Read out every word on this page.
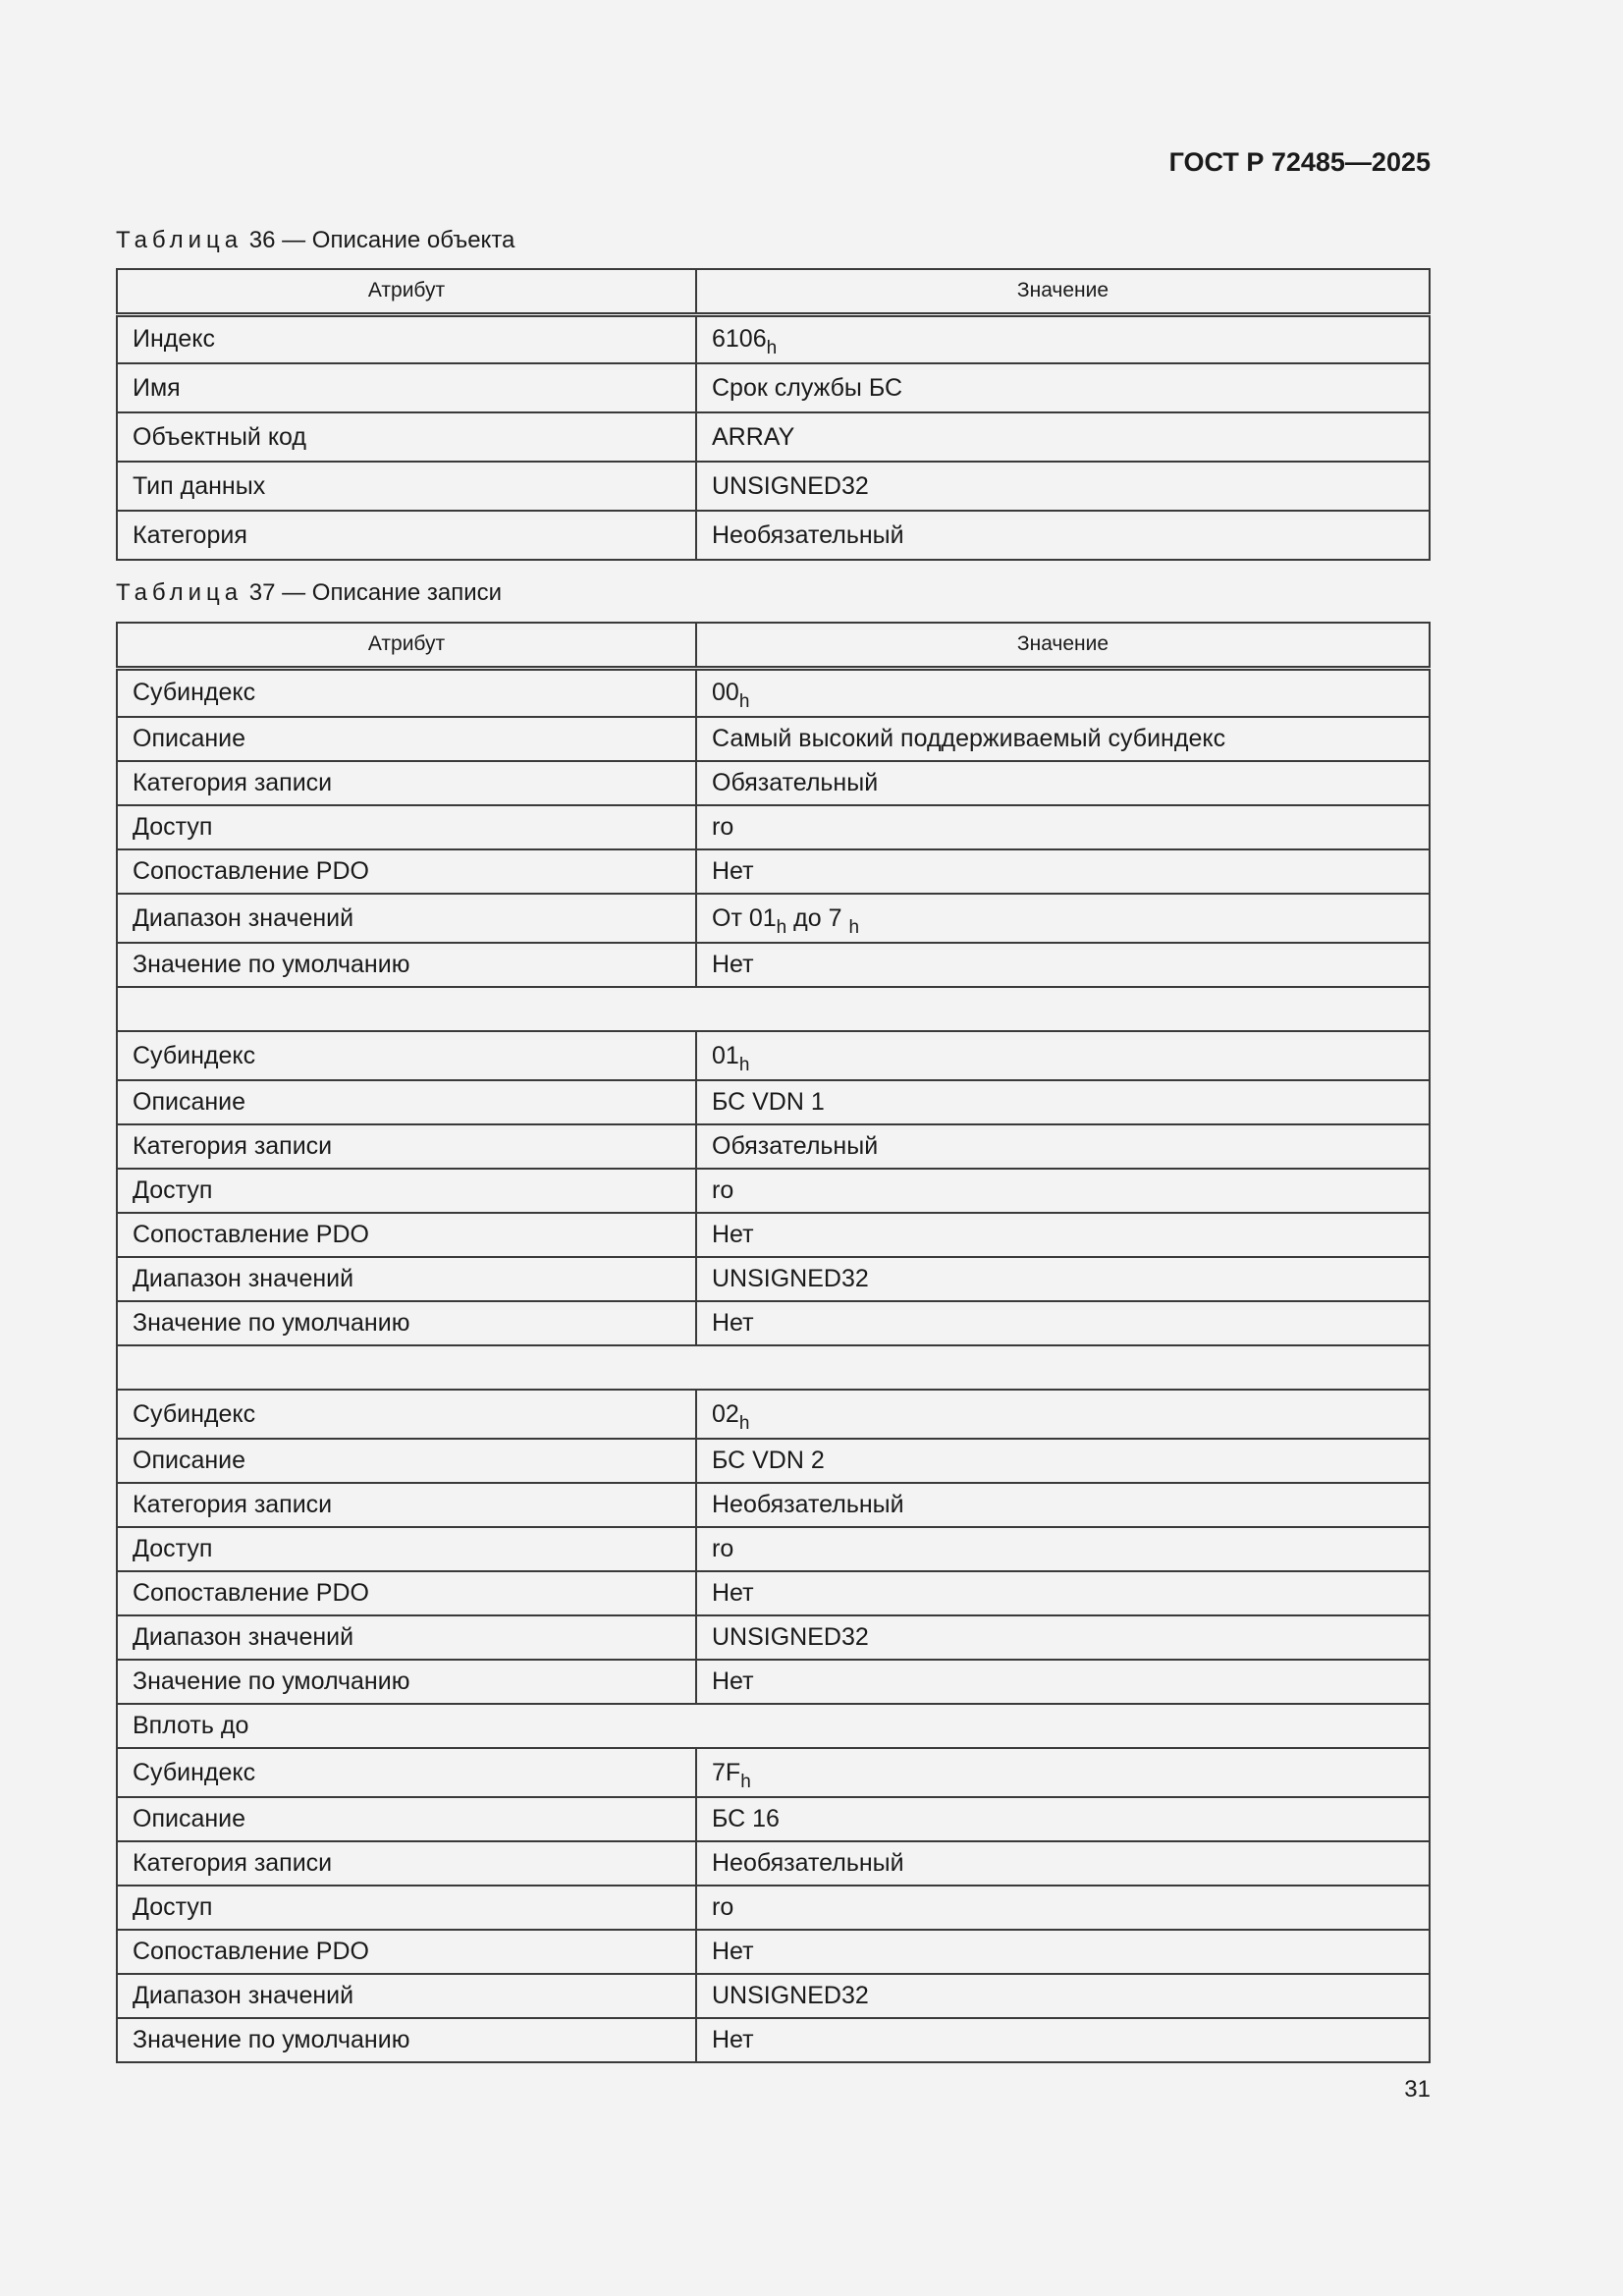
ГОСТ Р 72485—2025
Таблица 36 — Описание объекта
Атрибут	Значение
Индекс	$6106_h$
Имя	Срок службы БС
Объектный код	ARRAY
Тип данных	UNSIGNED32
Категория	Необязательный
Таблица 37 — Описание записи
Атрибут	Значение
Субиндекс	$00_h$
Описание	Самый высокий поддерживаемый субиндекс
Категория записи	Обязательный
Доступ	ro
Сопоставление PDO	Нет
Диапазон значений	От $01_h$ до 7 $_h$
Значение по умолчанию	Нет

Субиндекс	$01_h$
Описание	БС VDN 1
Категория записи	Обязательный
Доступ	ro
Сопоставление PDO	Нет
Диапазон значений	UNSIGNED32
Значение по умолчанию	Нет

Субиндекс	$02_h$
Описание	БС VDN 2
Категория записи	Необязательный
Доступ	ro
Сопоставление PDO	Нет
Диапазон значений	UNSIGNED32
Значение по умолчанию	Нет
Вплоть до	
Субиндекс	$7F_h$
Описание	БС 16
Категория записи	Необязательный
Доступ	ro
Сопоставление PDO	Нет
Диапазон значений	UNSIGNED32
Значение по умолчанию	Нет
31
